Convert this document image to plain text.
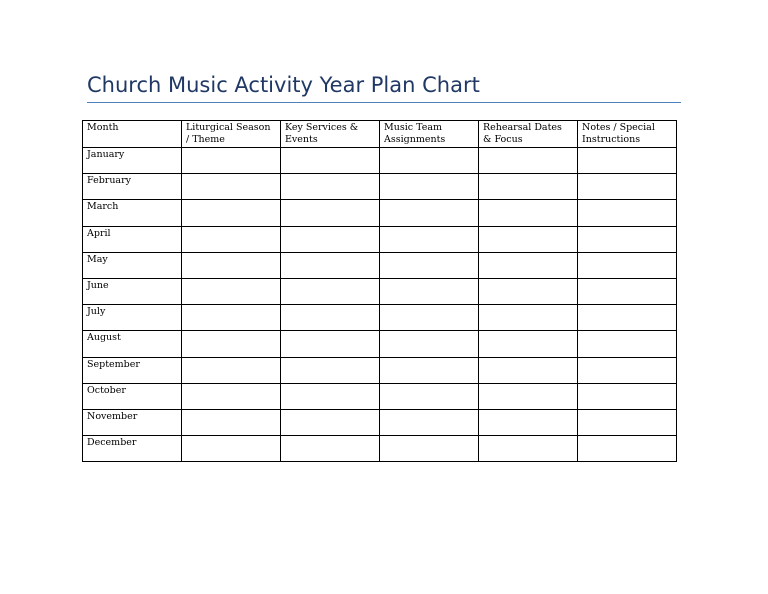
Church Music Activity Year Plan Chart
Month	Liturgical Season / Theme	Key Services & Events	Music Team Assignments	Rehearsal Dates & Focus	Notes / Special Instructions
January					
February					
March					
April					
May					
June					
July					
August					
September					
October					
November					
December					
